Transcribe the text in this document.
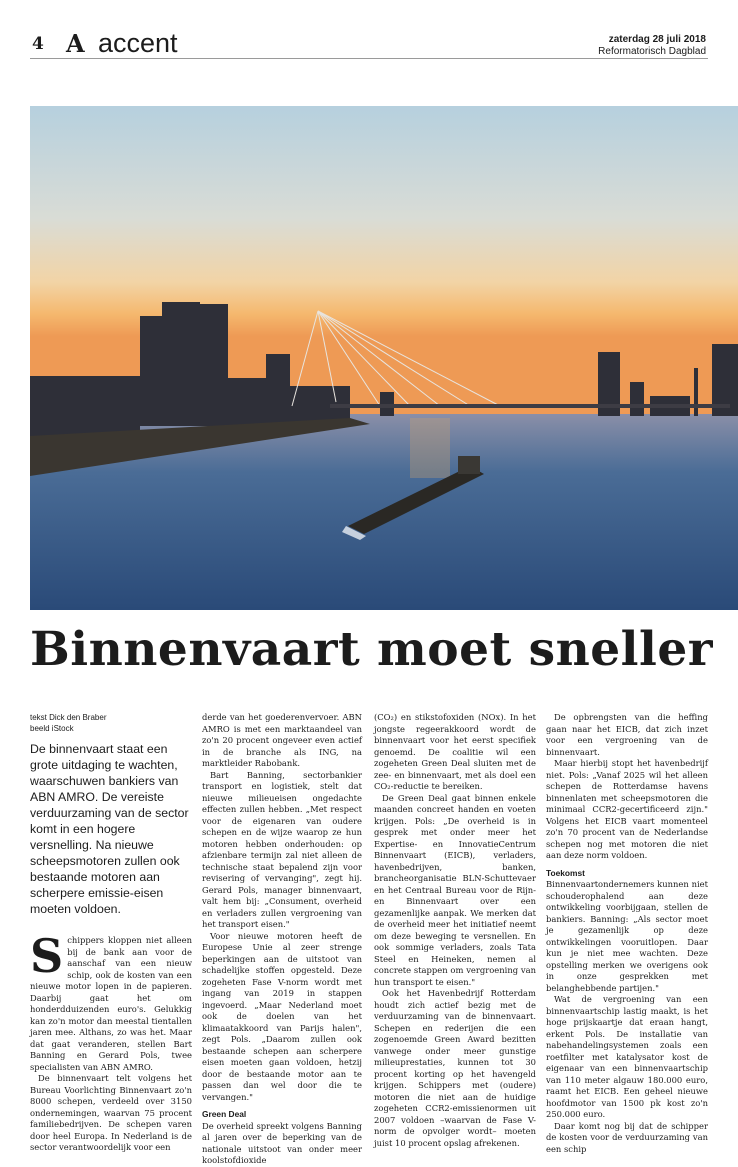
4 A accent	zaterdag 28 juli 2018
Reformatorisch Dagblad
Binnenvaart moet sneller
tekst Dick den Braber
beeld iStock
De binnenvaart staat een grote uitdaging te wachten, waarschuwen bankiers van ABN AMRO. De vereiste verduurzaming van de sector komt in een hogere versnelling. Na nieuwe scheepsmotoren zullen ook bestaande motoren aan scherpere emissie-eisen moeten voldoen.
S chippers kloppen niet alleen bij de bank aan voor de aanschaf van een nieuw schip, ook de kosten van een nieuwe motor lopen in de papieren. Daarbij gaat het om honderdduizenden euro's. Gelukkig kan zo'n motor dan meestal tientallen jaren mee. Althans, zo was het. Maar dat gaat veranderen, stellen Bart Banning en Gerard Pols, twee specialisten van ABN AMRO.

De binnenvaart telt volgens het Bureau Voorlichting Binnenvaart zo'n 8000 schepen, verdeeld over 3150 ondernemingen, waarvan 75 procent familiebedrijven. De schepen varen door heel Europa. In Nederland is de sector verantwoordelijk voor een

derde van het goederenvervoer. ABN AMRO is met een marktaandeel van zo'n 20 procent ongeveer even actief in de branche als ING, na marktleider Rabobank.

Bart Banning, sectorbankier transport en logistiek, stelt dat nieuwe milieueisen ongedachte effecten zullen hebben. „Met respect voor de eigenaren van oudere schepen en de wijze waarop ze hun motoren hebben onderhouden: op afzienbare termijn zal niet alleen de technische staat bepalend zijn voor revisering of vervanging", zegt hij. Gerard Pols, manager binnenvaart, valt hem bij: „Consument, overheid en verladers zullen vergroening van het transport eisen."

Voor nieuwe motoren heeft de Europese Unie al zeer strenge beperkingen aan de uitstoot van schadelijke stoffen opgesteld. Deze zogeheten Fase V-norm wordt met ingang van 2019 in stappen ingevoerd. „Maar Nederland moet ook de doelen van het klimaatakkoord van Parijs halen", zegt Pols. „Daarom zullen ook bestaande schepen aan scherpere eisen moeten gaan voldoen, hetzij door de bestaande motor aan te passen dan wel door die te vervangen."

Green Deal

De overheid spreekt volgens Banning al jaren over de beperking van de nationale uitstoot van onder meer koolstofdioxide

(CO₂) en stikstofoxiden (NOx). In het jongste regeerakkoord wordt de binnenvaart voor het eerst specifiek genoemd. De coalitie wil een zogeheten Green Deal sluiten met de zee- en binnenvaart, met als doel een CO₂-reductie te bereiken.

De Green Deal gaat binnen enkele maanden concreet handen en voeten krijgen. Pols: „De overheid is in gesprek met onder meer het Expertise- en InnovatieCentrum Binnenvaart (EICB), verladers, havenbedrijven, banken, brancheorganisatie BLN-Schuttevaer en het Centraal Bureau voor de Rijn- en Binnenvaart over een gezamenlijke aanpak. We merken dat de overheid meer het initiatief neemt om deze beweging te versnellen. En ook sommige verladers, zoals Tata Steel en Heineken, nemen al concrete stappen om vergroening van hun transport te eisen."

Ook het Havenbedrijf Rotterdam houdt zich actief bezig met de verduurzaming van de binnenvaart. Schepen en rederijen die een zogenoemde Green Award bezitten vanwege onder meer gunstige milieuprestaties, kunnen tot 30 procent korting op het havengeld krijgen. Schippers met (oudere) motoren die niet aan de huidige zogeheten CCR2-emissienormen uit 2007 voldoen –waarvan de Fase V-norm de opvolger wordt– moeten juist 10 procent opslag afrekenen.

De opbrengsten van die heffing gaan naar het EICB, dat zich inzet voor een vergroening van de binnenvaart.

Maar hierbij stopt het havenbedrijf niet. Pols: „Vanaf 2025 wil het alleen schepen de Rotterdamse havens binnenlaten met scheepsmotoren die minimaal CCR2-gecertificeerd zijn." Volgens het EICB vaart momenteel zo'n 70 procent van de Nederlandse schepen nog met motoren die niet aan deze norm voldoen.

Toekomst

Binnenvaartondernemers kunnen niet schouderophalend aan deze ontwikkeling voorbijgaan, stellen de bankiers. Banning: „Als sector moet je gezamenlijk op deze ontwikkelingen vooruitlopen. Daar kun je niet mee wachten. Deze opstelling merken we overigens ook in onze gesprekken met belanghebbende partijen."

Wat de vergroening van een binnenvaartschip lastig maakt, is het hoge prijskaartje dat eraan hangt, erkent Pols. De installatie van nabehandelingsystemen zoals een roetfilter met katalysator kost de eigenaar van een binnenvaartschip van 110 meter algauw 180.000 euro, raamt het EICB. Een geheel nieuwe hoofdmotor van 1500 pk kost zo'n 250.000 euro.

Daar komt nog bij dat de schipper de kosten voor de verduurzaming van een schip
